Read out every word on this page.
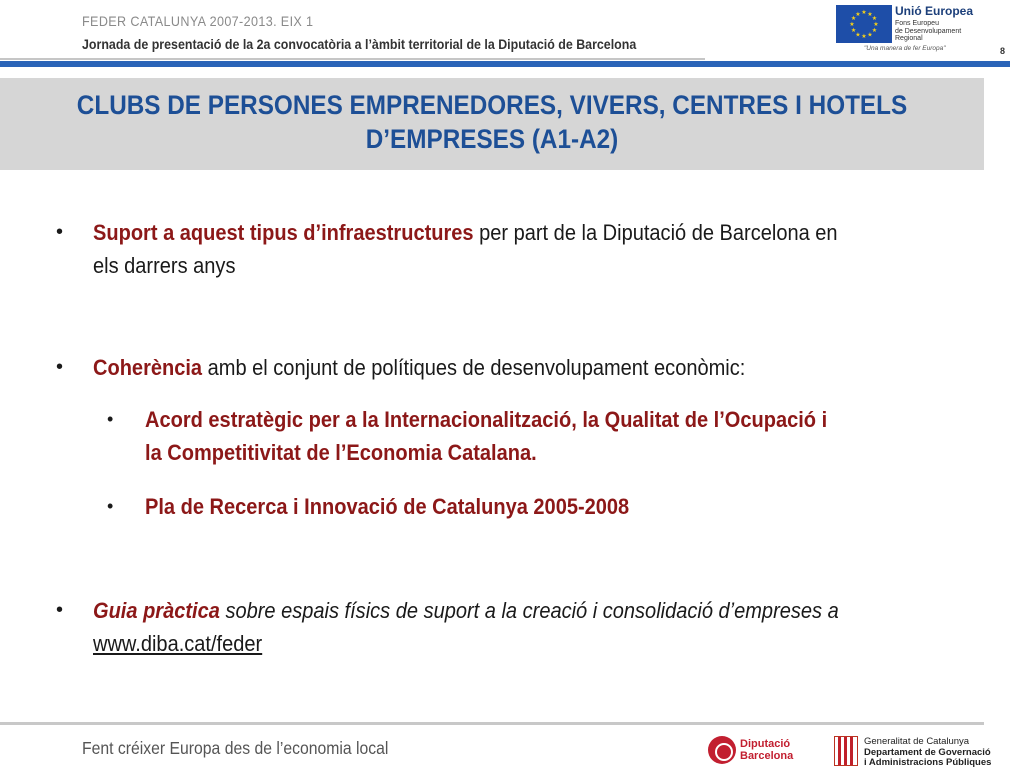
FEDER CATALUNYA 2007-2013. EIX 1
Jornada de presentació de la 2a convocatòria a l’àmbit territorial de la Diputació de Barcelona
★ ★
★
★
★
★
★
★
★
★
★
★	Unió Europea
Fons Europeu
de Desenvolupament
Regional
"Una manera de fer Europa"	8
CLUBS DE PERSONES EMPRENEDORES, VIVERS, CENTRES I HOTELS
D’EMPRESES (A1-A2)
• Suport a aquest tipus d’infraestructures per part de la Diputació de Barcelona en
els darrers anys
• Coherència amb el conjunt de polítiques de desenvolupament econòmic:
• Acord estratègic per a la Internacionalització, la Qualitat de l’Ocupació i
la Competitivitat de l’Economia Catalana.
• Pla de Recerca i Innovació de Catalunya 2005-2008
• Guia pràctica sobre espais físics de suport a la creació i consolidació d’empreses a
www.diba.cat/feder
Fent créixer Europa des de l’economia local	Diputació
Barcelona
Generalitat de Catalunya
Departament de Governació
i Administracions Públiques
